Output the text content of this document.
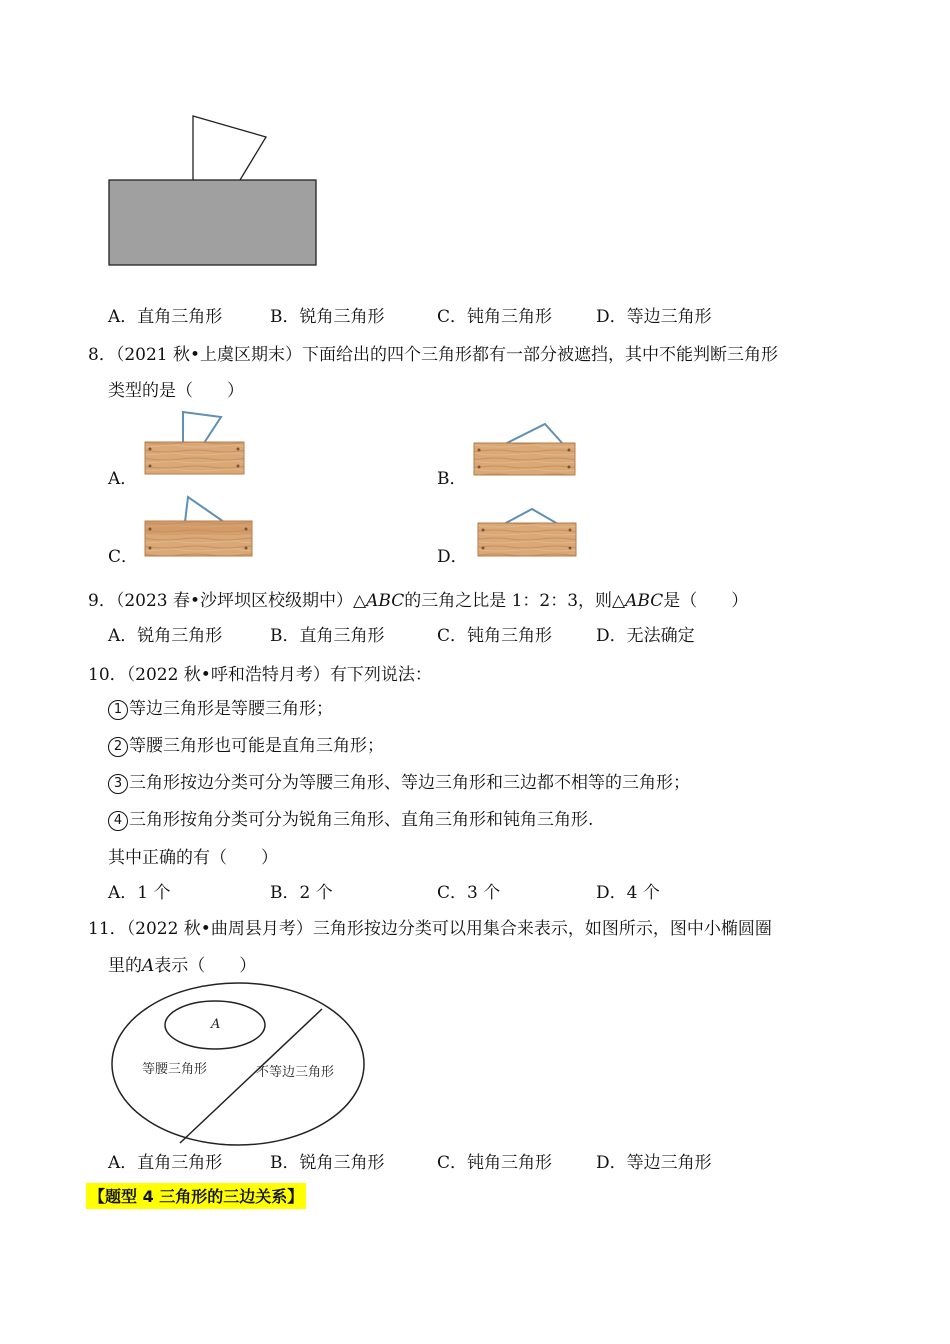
A．直角三角形	B．锐角三角形	C．钝角三角形	D．等边三角形
8．（2021 秋•上虞区期末）下面给出的四个三角形都有一部分被遮挡，其中不能判断三角形
类型的是（　　）
A．	B．
C．	D．
9．（2023 春•沙坪坝区校级期中）△ABC的三角之比是 1：2：3，则△ABC是（　　）
A．锐角三角形	B．直角三角形	C．钝角三角形	D．无法确定
10．（2022 秋•呼和浩特月考）有下列说法：
1 等边三角形是等腰三角形；
2 等腰三角形也可能是直角三角形；
3 三角形按边分类可分为等腰三角形、等边三角形和三边都不相等的三角形；
4 三角形按角分类可分为锐角三角形、直角三角形和钝角三角形.
其中正确的有（　　）
A．1 个	B．2 个	C．3 个	D．4 个
11．（2022 秋•曲周县月考）三角形按边分类可以用集合来表示，如图所示，图中小椭圆圈
里的A表示（　　）
A
等腰三角形	不等边三角形
A．直角三角形	B．锐角三角形	C．钝角三角形	D．等边三角形
【题型 4 三角形的三边关系】
